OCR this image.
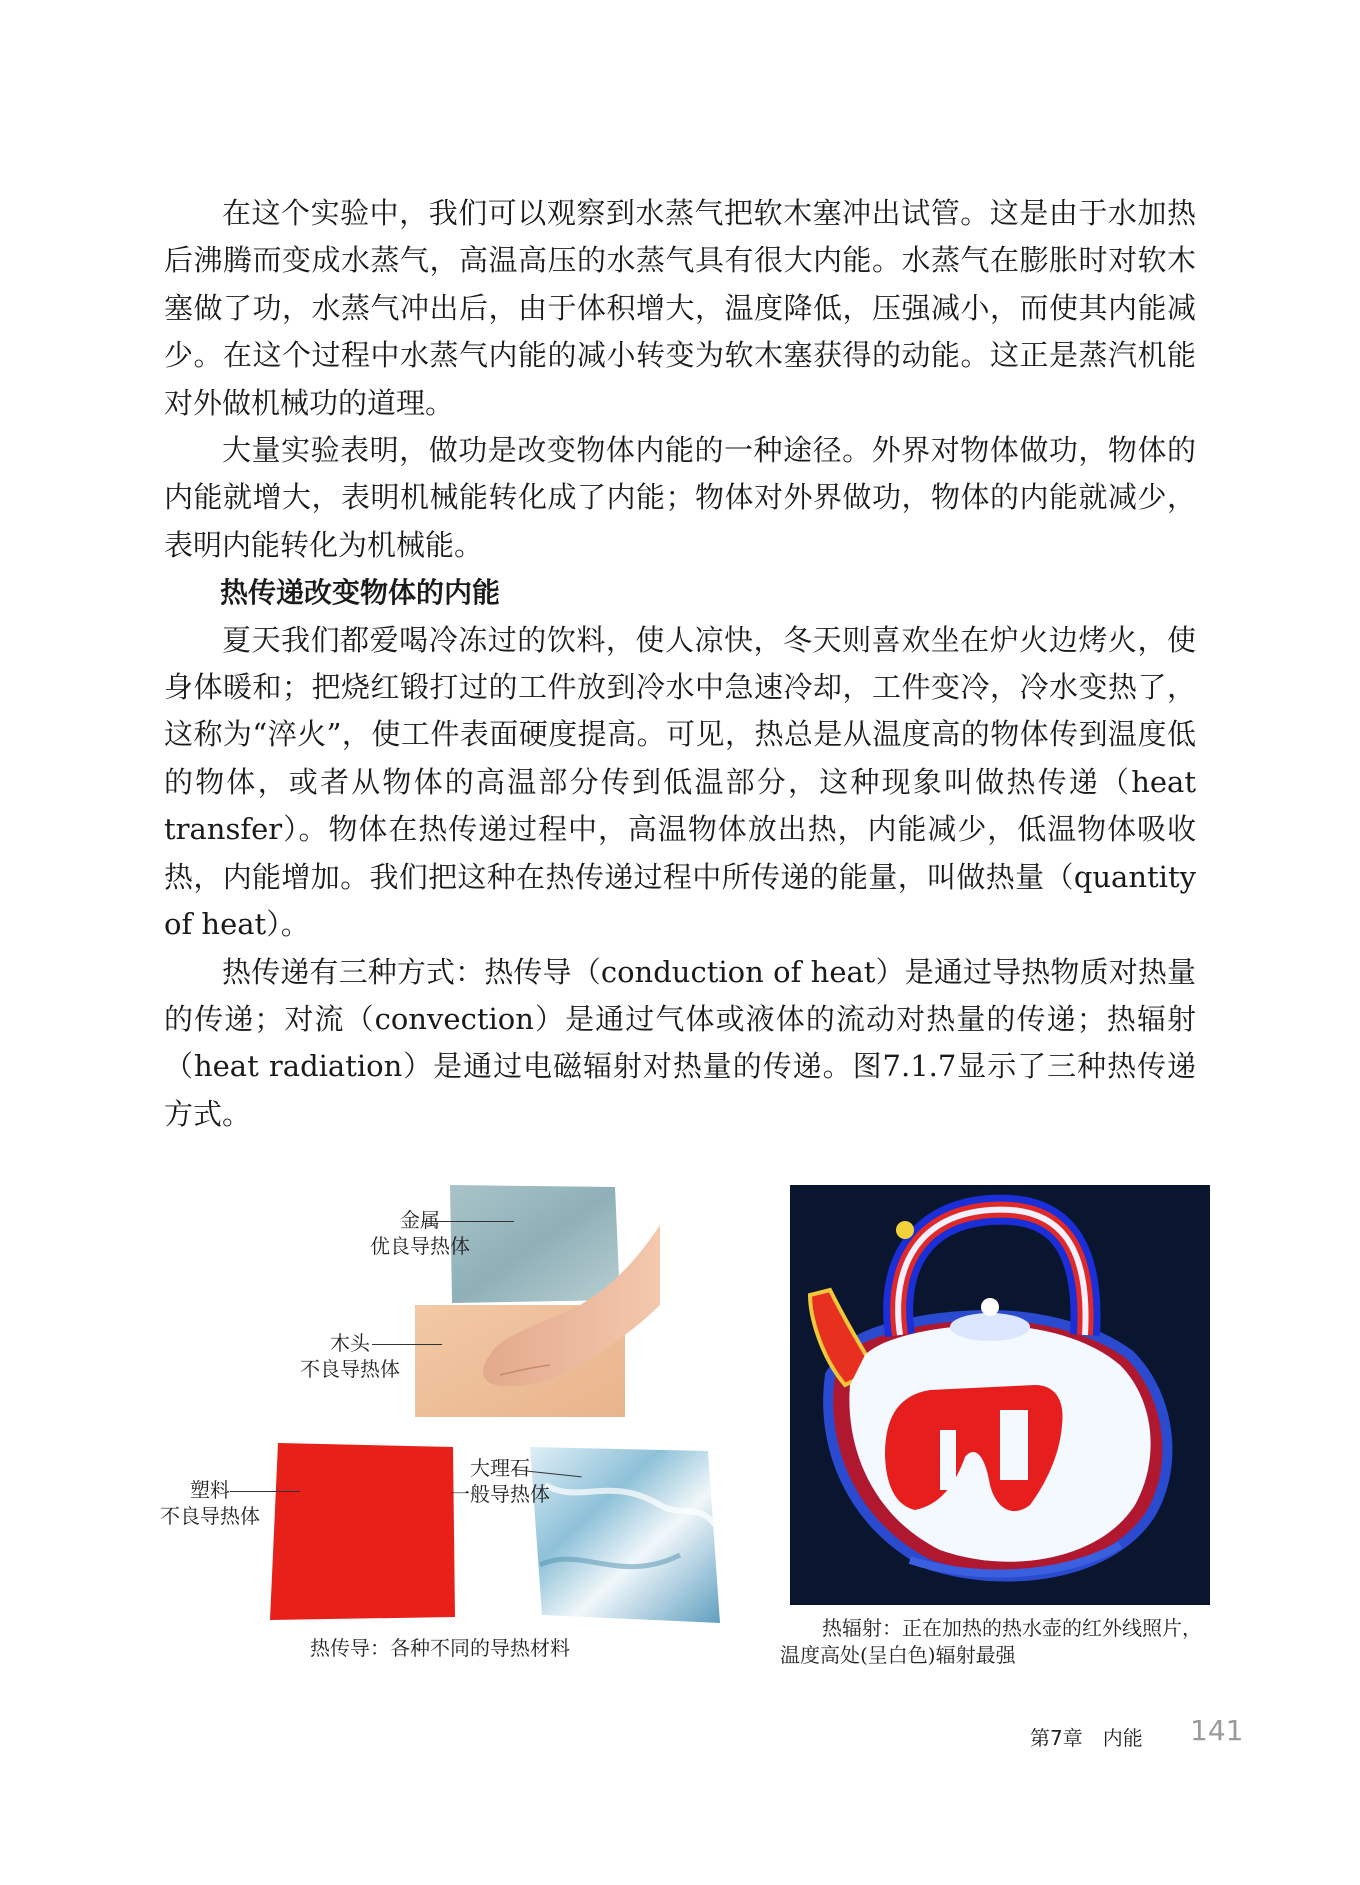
在这个实验中，我们可以观察到水蒸气把软木塞冲出试管。这是由于水加热后沸腾而变成水蒸气，高温高压的水蒸气具有很大内能。水蒸气在膨胀时对软木塞做了功，水蒸气冲出后，由于体积增大，温度降低，压强减小，而使其内能减少。在这个过程中水蒸气内能的减小转变为软木塞获得的动能。这正是蒸汽机能对外做机械功的道理。

大量实验表明，做功是改变物体内能的一种途径。外界对物体做功，物体的内能就增大，表明机械能转化成了内能；物体对外界做功，物体的内能就减少，表明内能转化为机械能。

热传递改变物体的内能

夏天我们都爱喝冷冻过的饮料，使人凉快，冬天则喜欢坐在炉火边烤火，使身体暖和；把烧红锻打过的工件放到冷水中急速冷却，工件变冷，冷水变热了，这称为“淬火”，使工件表面硬度提高。可见，热总是从温度高的物体传到温度低的物体，或者从物体的高温部分传到低温部分，这种现象叫做热传递（heat transfer）。物体在热传递过程中，高温物体放出热，内能减少，低温物体吸收热，内能增加。我们把这种在热传递过程中所传递的能量，叫做热量（quantity of heat）。

热传递有三种方式：热传导（conduction of heat）是通过导热物质对热量的传递；对流（convection）是通过气体或液体的流动对热量的传递；热辐射（heat radiation）是通过电磁辐射对热量的传递。图7.1.7显示了三种热传递方式。

金属
优良导热体
木头
不良导热体
塑料
不良导热体
大理石
一般导热体
热传导：各种不同的导热材料
热辐射：正在加热的热水壶的红外线照片，
温度高处(呈白色)辐射最强
第7章　内能 141
